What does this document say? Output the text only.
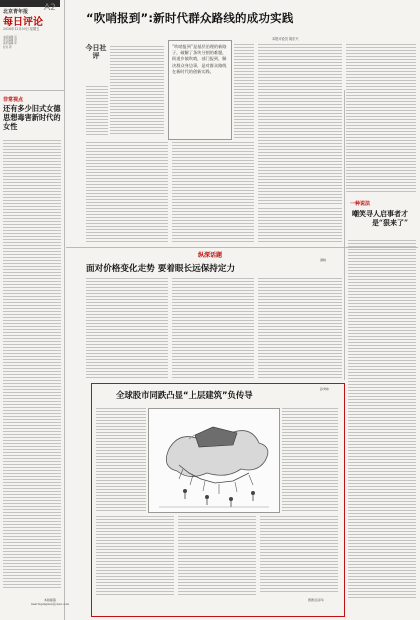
北京青年报
每日评论
A2
2016年12月30日 星期五
本版编辑 吴
责任编辑 吴
美术编辑 许
校对 郭
“吹哨报到”:新时代群众路线的成功实践
本报评论员 胡东兴
今日社评
“吹哨报到”是基层治理的新路子，破解了条块分割的难题，街道乡镇吹哨，部门报到，解决群众身边事，是对群众路线在新时代的创新实践。
非常视点
还有多少旧式女德思想毒害新时代的女性
一种说法
嘲笑寻人启事者才是“狠来了”
纵深话题
面对价格变化走势 要着眼长远保持定力
满晓
全球股市同跌凸显“上层建筑”负传导
孙秀炜
图图/张泽华
本版邮箱
meirinpinglun@ynet.com
